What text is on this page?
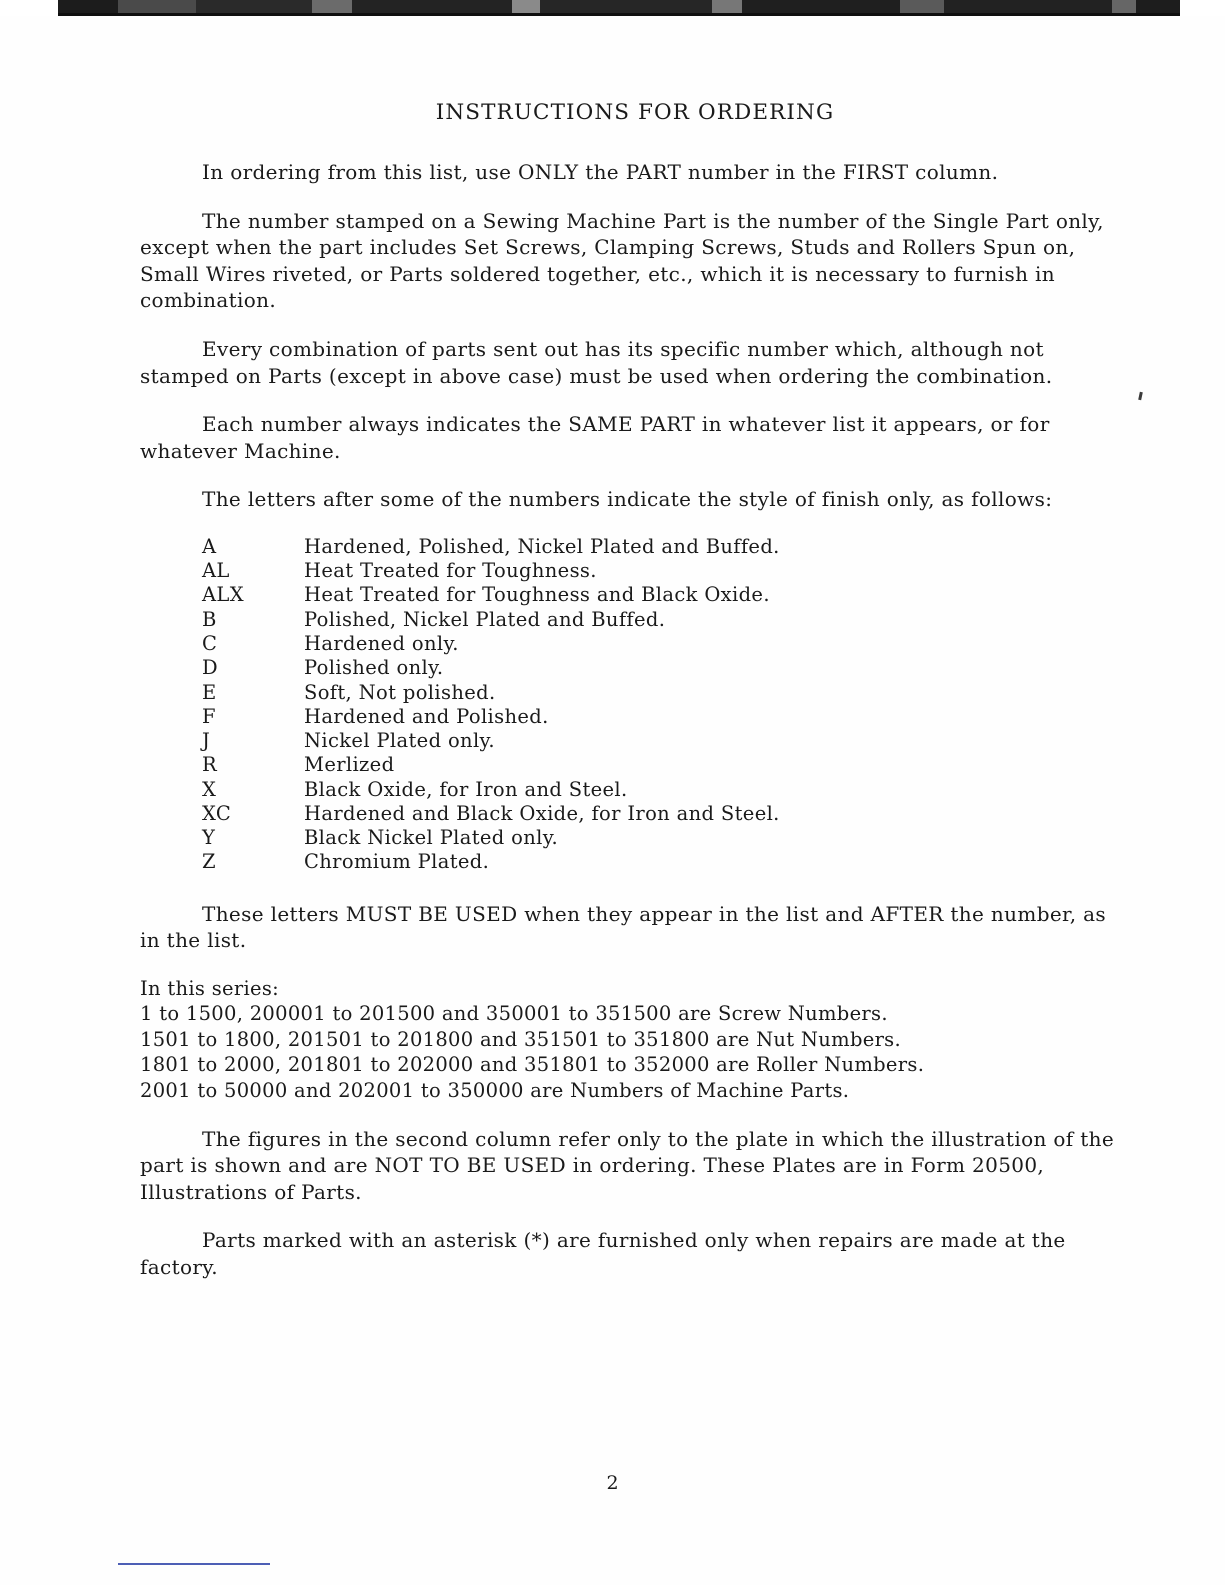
INSTRUCTIONS FOR ORDERING

In ordering from this list, use ONLY the PART number in the FIRST column.

The number stamped on a Sewing Machine Part is the number of the Single Part only, except when the part includes Set Screws, Clamping Screws, Studs and Rollers Spun on, Small Wires riveted, or Parts soldered together, etc., which it is necessary to furnish in combination.

Every combination of parts sent out has its specific number which, although not stamped on Parts (except in above case) must be used when ordering the combination.

Each number always indicates the SAME PART in whatever list it appears, or for whatever Machine.

The letters after some of the numbers indicate the style of finish only, as follows:

A	Hardened, Polished, Nickel Plated and Buffed.
AL	Heat Treated for Toughness.
ALX	Heat Treated for Toughness and Black Oxide.
B	Polished, Nickel Plated and Buffed.
C	Hardened only.
D	Polished only.
E	Soft, Not polished.
F	Hardened and Polished.
J	Nickel Plated only.
R	Merlized
X	Black Oxide, for Iron and Steel.
XC	Hardened and Black Oxide, for Iron and Steel.
Y	Black Nickel Plated only.
Z	Chromium Plated.

These letters MUST BE USED when they appear in the list and AFTER the number, as in the list.

In this series:
1 to 1500, 200001 to 201500 and 350001 to 351500 are Screw Numbers.
1501 to 1800, 201501 to 201800 and 351501 to 351800 are Nut Numbers.
1801 to 2000, 201801 to 202000 and 351801 to 352000 are Roller Numbers.
2001 to 50000 and 202001 to 350000 are Numbers of Machine Parts.

The figures in the second column refer only to the plate in which the illustration of the part is shown and are NOT TO BE USED in ordering. These Plates are in Form 20500, Illustrations of Parts.

Parts marked with an asterisk (*) are furnished only when repairs are made at the factory.

2
